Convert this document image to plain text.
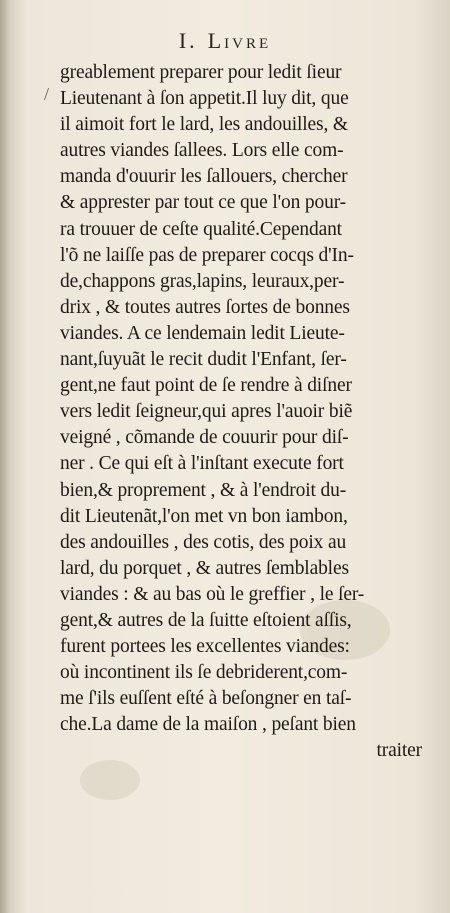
I. Livre
/
greablement preparer pour ledit ſieur
Lieutenant à ſon appetit.Il luy dit, que
il aimoit fort le lard, les andouilles, &
autres viandes ſallees. Lors elle com-
manda d'ouurir les ſallouers, chercher
& apprester par tout ce que l'on pour-
ra trouuer de ceſte qualité.Cependant
l'õ ne laiſſe pas de preparer cocqs d'In-
de,chappons gras,lapins, leuraux,per-
drix , & toutes autres ſortes de bonnes
viandes. A ce lendemain ledit Lieute-
nant,ſuyuãt le recit dudit l'Enfant, ſer-
gent,ne faut point de ſe rendre à diſner
vers ledit ſeigneur,qui apres l'auoir biẽ
veigné , cõmande de couurir pour diſ-
ner . Ce qui eſt à l'inſtant execute fort
bien,& proprement , & à l'endroit du-
dit Lieutenãt,l'on met vn bon iambon,
des andouilles , des cotis, des poix au
lard, du porquet , & autres ſemblables
viandes : & au bas où le greffier , le ſer-
gent,& autres de la ſuitte eſtoient aſſis,
furent portees les excellentes viandes:
où incontinent ils ſe debriderent,com-
me ſ'ils euſſent eſté à beſongner en taſ-
che.La dame de la maiſon , peſant bien
traiter
